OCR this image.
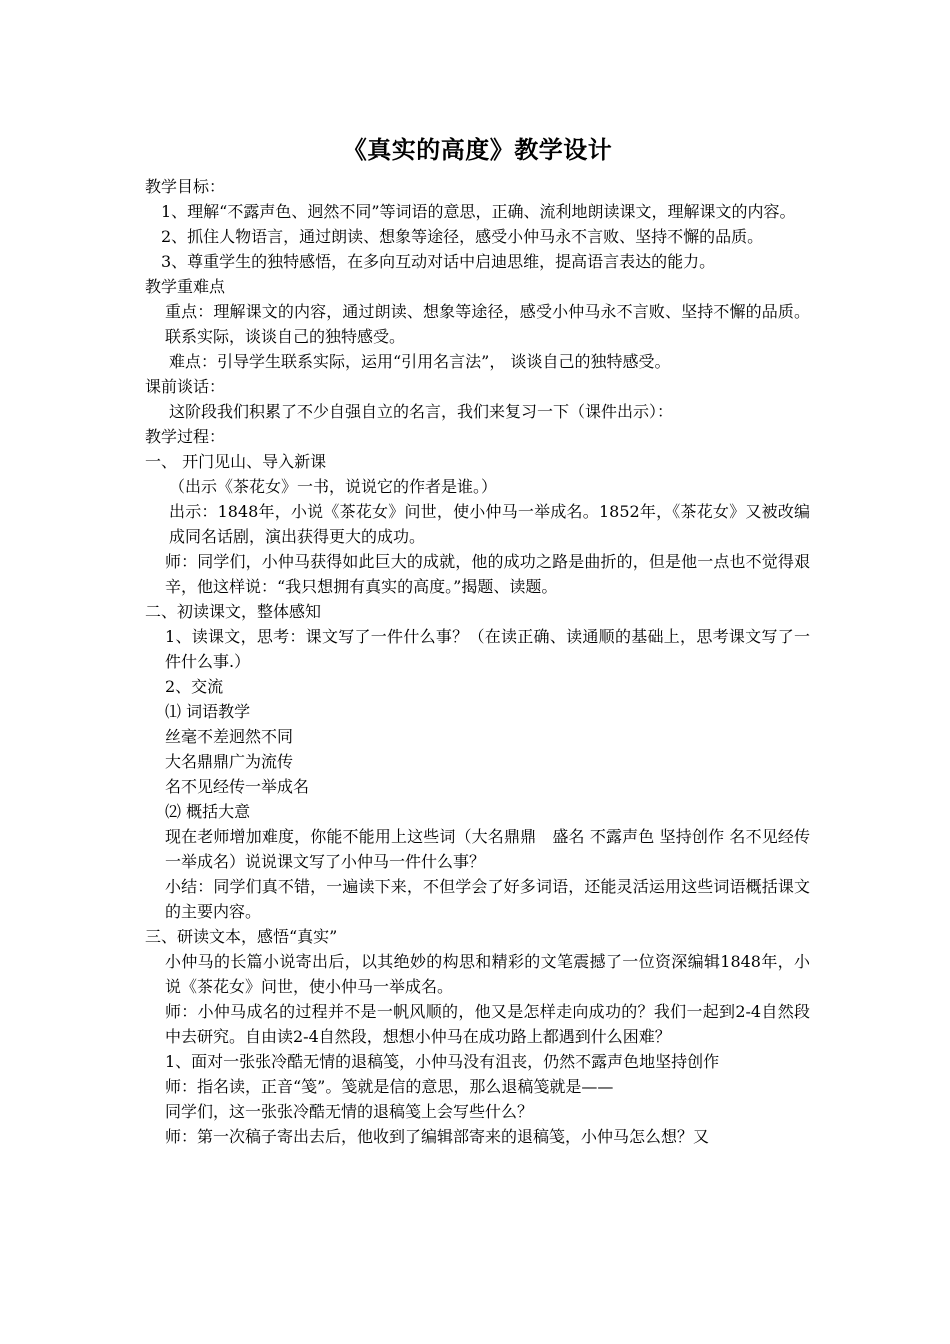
《真实的高度》教学设计
教学目标：
1、理解“不露声色、迥然不同”等词语的意思，正确、流利地朗读课文，理解课文的内容。
2、抓住人物语言，通过朗读、想象等途径，感受小仲马永不言败、坚持不懈的品质。
3、尊重学生的独特感悟，在多向互动对话中启迪思维，提高语言表达的能力。
教学重难点
重点：理解课文的内容，通过朗读、想象等途径，感受小仲马永不言败、坚持不懈的品质。联系实际，谈谈自己的独特感受。
难点：引导学生联系实际，运用“引用名言法”， 谈谈自己的独特感受。
课前谈话：
这阶段我们积累了不少自强自立的名言，我们来复习一下（课件出示）：
教学过程：
一、 开门见山、导入新课
（出示《茶花女》一书，说说它的作者是谁。）
出示：1848年，小说《茶花女》问世，使小仲马一举成名。1852年，《茶花女》又被改编成同名话剧，演出获得更大的成功。
师：同学们，小仲马获得如此巨大的成就，他的成功之路是曲折的，但是他一点也不觉得艰辛，他这样说：“我只想拥有真实的高度。”揭题、读题。
二、初读课文，整体感知
1、读课文，思考：课文写了一件什么事？（在读正确、读通顺的基础上，思考课文写了一件什么事.）
2、交流
⑴ 词语教学
丝毫不差迥然不同
大名鼎鼎广为流传
名不见经传一举成名
⑵ 概括大意
现在老师增加难度，你能不能用上这些词（大名鼎鼎　盛名 不露声色 坚持创作 名不见经传 一举成名）说说课文写了小仲马一件什么事？
小结：同学们真不错，一遍读下来，不但学会了好多词语，还能灵活运用这些词语概括课文的主要内容。
三、研读文本，感悟“真实”
小仲马的长篇小说寄出后，以其绝妙的构思和精彩的文笔震撼了一位资深编辑1848年，小说《茶花女》问世，使小仲马一举成名。
师：小仲马成名的过程并不是一帆风顺的，他又是怎样走向成功的？我们一起到2-4自然段中去研究。自由读2-4自然段，想想小仲马在成功路上都遇到什么困难？
1、面对一张张冷酷无情的退稿笺，小仲马没有沮丧，仍然不露声色地坚持创作
师：指名读，正音“笺”。笺就是信的意思，那么退稿笺就是——
同学们，这一张张冷酷无情的退稿笺上会写些什么？
师：第一次稿子寄出去后，他收到了编辑部寄来的退稿笺，小仲马怎么想？又
